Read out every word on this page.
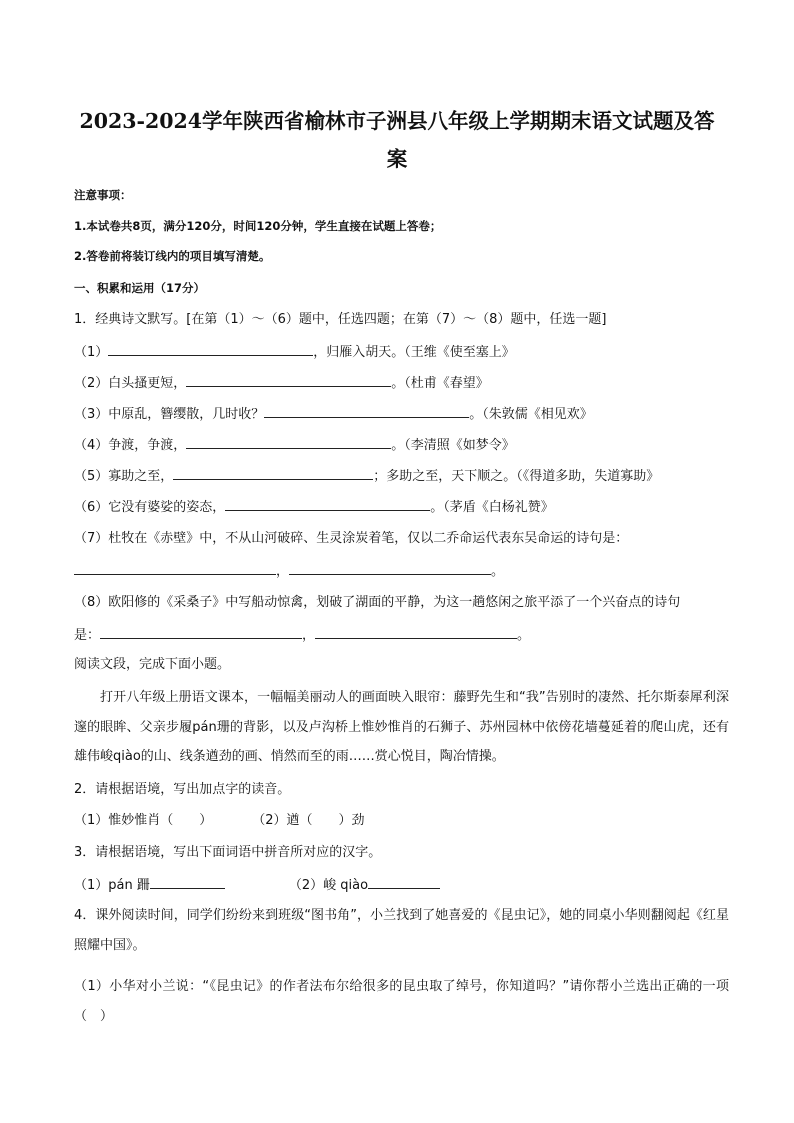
2023-2024学年陕西省榆林市子洲县八年级上学期期末语文试题及答
案
注意事项：
1.本试卷共8页，满分120分，时间120分钟，学生直接在试题上答卷；
2.答卷前将装订线内的项目填写清楚。
一、积累和运用（17分）
1．经典诗文默写。[在第（1）～（6）题中，任选四题；在第（7）～（8）题中，任选一题]
（1）	，归雁入胡天。（王维《使至塞上》
（2）白头搔更短，	。（杜甫《春望》
（3）中原乱，簪缨散，几时收？	。（朱敦儒《相见欢》
（4）争渡，争渡，	。（李清照《如梦令》
（5）寡助之至，	；多助之至，天下顺之。（《得道多助，失道寡助》
（6）它没有婆娑的姿态，	。（茅盾《白杨礼赞》
（7）杜牧在《赤壁》中，不从山河破碎、生灵涂炭着笔，仅以二乔命运代表东吴命运的诗句是：
，	。
（8）欧阳修的《采桑子》中写船动惊禽，划破了湖面的平静，为这一趟悠闲之旅平添了一个兴奋点的诗句
是：	，	。
阅读文段，完成下面小题。
打开八年级上册语文课本，一幅幅美丽动人的画面映入眼帘：藤野先生和“我”告别时的凄然、托尔斯泰犀利深邃的眼眸、父亲步履pán珊的背影，以及卢沟桥上惟妙惟肖的石狮子、苏州园林中依傍花墙蔓延着的爬山虎，还有雄伟峻qiào的山、线条遒劲的画、悄然而至的雨……赏心悦目，陶冶情操。
2．请根据语境，写出加点字的读音。
（1）惟妙惟肖（　　）	（2）遒（　　）劲
3．请根据语境，写出下面词语中拼音所对应的汉字。
（1）pán 跚	（2）峻 qiào
4．课外阅读时间，同学们纷纷来到班级“图书角”，小兰找到了她喜爱的《昆虫记》，她的同桌小华则翻阅起《红星照耀中国》。
（1）小华对小兰说：“《昆虫记》的作者法布尔给很多的昆虫取了绰号，你知道吗？”请你帮小兰选出正确的一项（　）
